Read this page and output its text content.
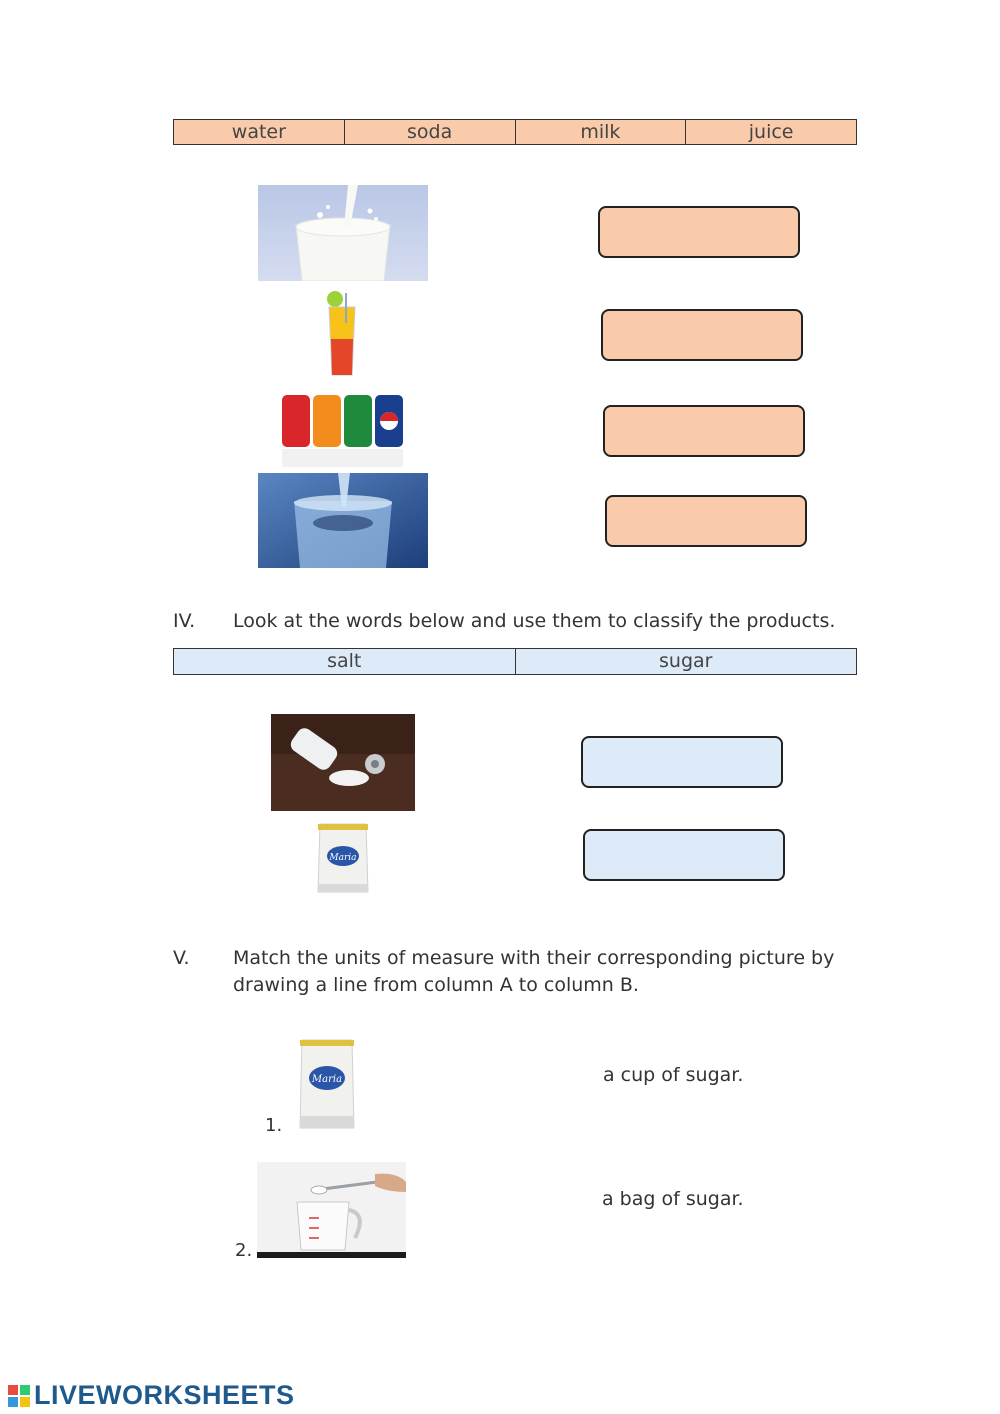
water	soda	milk	juice
IV. Look at the words below and use them to classify the products.
salt	sugar
Maria
V. Match the units of measure with their corresponding picture by
drawing a line from column A to column B.
1.
Maria	a cup of sugar.
2.
a bag of sugar.
LIVEWORKSHEETS
